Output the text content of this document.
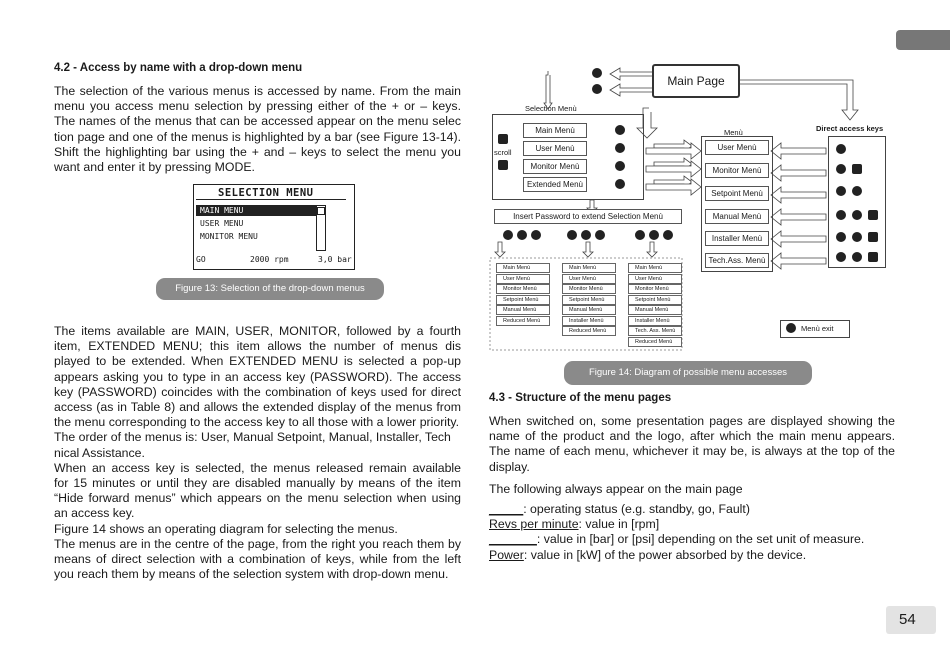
54
4.2 - Access by name with a drop-down menu
The selection of the various menus is accessed by name. From the main
menu you access menu selection by pressing either of the + or – keys.
The names of the menus that can be accessed appear on the menu selec
tion page and one of the menus is highlighted by a bar (see Figure 13-14).
Shift the highlighting bar using the + and – keys to select the menu you
want and enter it by pressing MODE.
SELECTION MENU
MAIN MENU
USER MENU
MONITOR MENU
GO	2000 rpm	3,0 bar
Figure 13: Selection of the drop-down menus
The items available are MAIN, USER, MONITOR, followed by a fourth
item, EXTENDED MENU; this item allows the number of menus dis
played to be extended. When EXTENDED MENU is selected a pop-up
appears asking you to type in an access key (PASSWORD). The access
key (PASSWORD) coincides with the combination of keys used for direct
access (as in Table 8) and allows the extended display of the menus from
the menu corresponding to the access key to all those with a lower priority.
The order of the menus is: User, Manual Setpoint, Manual, Installer, Tech
nical Assistance.
When an access key is selected, the menus released remain available
for 15 minutes or until they are disabled manually by means of the item
“Hide forward menus” which appears on the menu selection when using
an access key.
Figure 14 shows an operating diagram for selecting the menus.
The menus are in the centre of the page, from the right you reach them by
means of direct selection with a combination of keys, while from the left
you reach them by means of the selection system with drop-down menu.
Main Page
Selection Menù
scroll
Main Menù
User Menù
Monitor Menù
Extended Menù
Insert Password to extend Selection Menù
Main Menù
User Menù
Monitor Menù
Setpoint Menù
Manual Menù
Reduced Menù
Main Menù
User Menù
Monitor Menù
Setpoint Menù
Manual Menù
Installer Menù
Reduced Menù
Main Menù
User Menù
Monitor Menù
Setpoint Menù
Manual Menù
Installer Menù
Tech. Ass. Menù
Reduced Menù
Menù
User Menù
Monitor Menù
Setpoint Menù
Manual Menù
Installer Menù
Tech.Ass. Menù
Direct access keys
Menù exit
Figure 14: Diagram of possible menu accesses
4.3 - Structure of the menu pages
When switched on, some presentation pages are displayed showing the
name of the product and the logo, after which the main menu appears.
The name of each menu, whichever it may be, is always at the top of the
display.
The following always appear on the main page
_____: operating status (e.g. standby, go, Fault)
Revs per minute: value in [rpm]
_______: value in [bar] or [psi] depending on the set unit of measure.
Power: value in [kW] of the power absorbed by the device.
